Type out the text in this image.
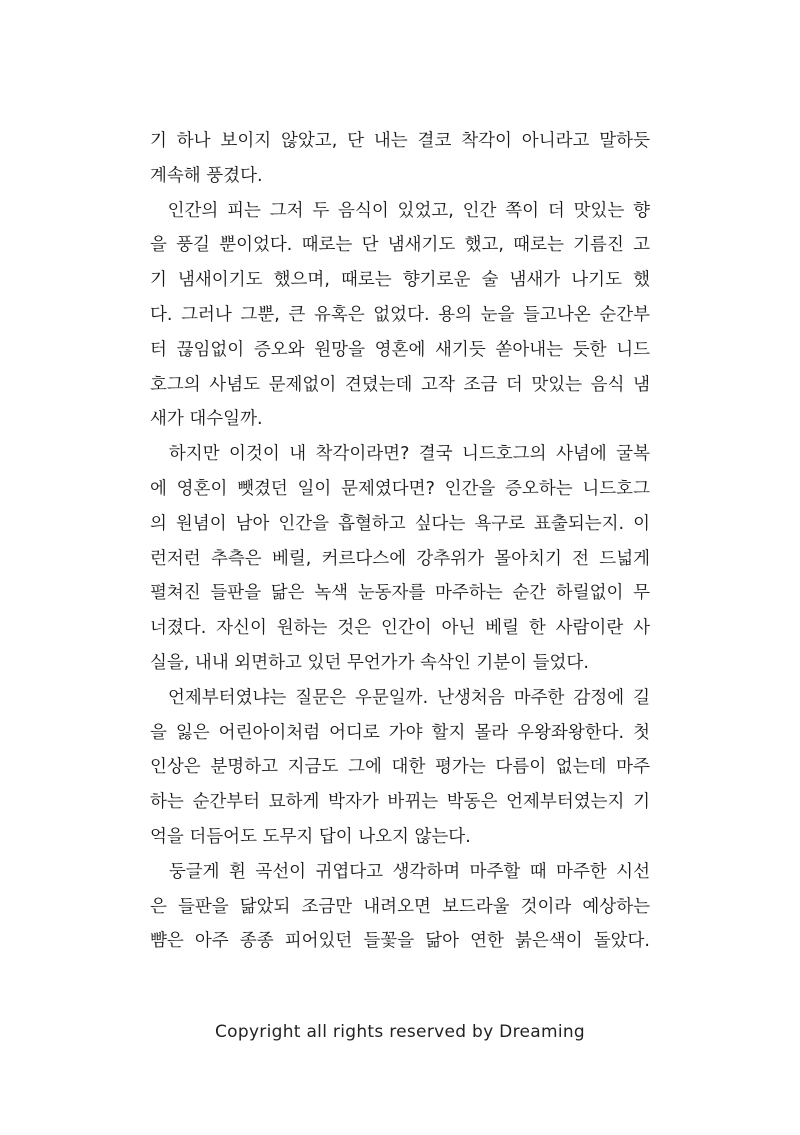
기 하나 보이지 않았고, 단 내는 결코 착각이 아니라고 말하듯
계속해 풍겼다.
인간의 피는 그저 두 음식이 있었고, 인간 쪽이 더 맛있는 향
을 풍길 뿐이었다. 때로는 단 냄새기도 했고, 때로는 기름진 고
기 냄새이기도 했으며, 때로는 향기로운 술 냄새가 나기도 했
다. 그러나 그뿐, 큰 유혹은 없었다. 용의 눈을 들고나온 순간부
터 끊임없이 증오와 원망을 영혼에 새기듯 쏟아내는 듯한 니드
호그의 사념도 문제없이 견뎠는데 고작 조금 더 맛있는 음식 냄
새가 대수일까.
하지만 이것이 내 착각이라면? 결국 니드호그의 사념에 굴복
에 영혼이 뺏겼던 일이 문제였다면? 인간을 증오하는 니드호그
의 원념이 남아 인간을 흡혈하고 싶다는 욕구로 표출되는지. 이
런저런 추측은 베릴, 커르다스에 강추위가 몰아치기 전 드넓게
펼쳐진 들판을 닮은 녹색 눈동자를 마주하는 순간 하릴없이 무
너졌다. 자신이 원하는 것은 인간이 아닌 베릴 한 사람이란 사
실을, 내내 외면하고 있던 무언가가 속삭인 기분이 들었다.
언제부터였냐는 질문은 우문일까. 난생처음 마주한 감정에 길
을 잃은 어린아이처럼 어디로 가야 할지 몰라 우왕좌왕한다. 첫
인상은 분명하고 지금도 그에 대한 평가는 다름이 없는데 마주
하는 순간부터 묘하게 박자가 바뀌는 박동은 언제부터였는지 기
억을 더듬어도 도무지 답이 나오지 않는다.
둥글게 휜 곡선이 귀엽다고 생각하며 마주할 때 마주한 시선
은 들판을 닮았되 조금만 내려오면 보드라울 것이라 예상하는
뺨은 아주 종종 피어있던 들꽃을 닮아 연한 붉은색이 돌았다.
Copyright all rights reserved by Dreaming
